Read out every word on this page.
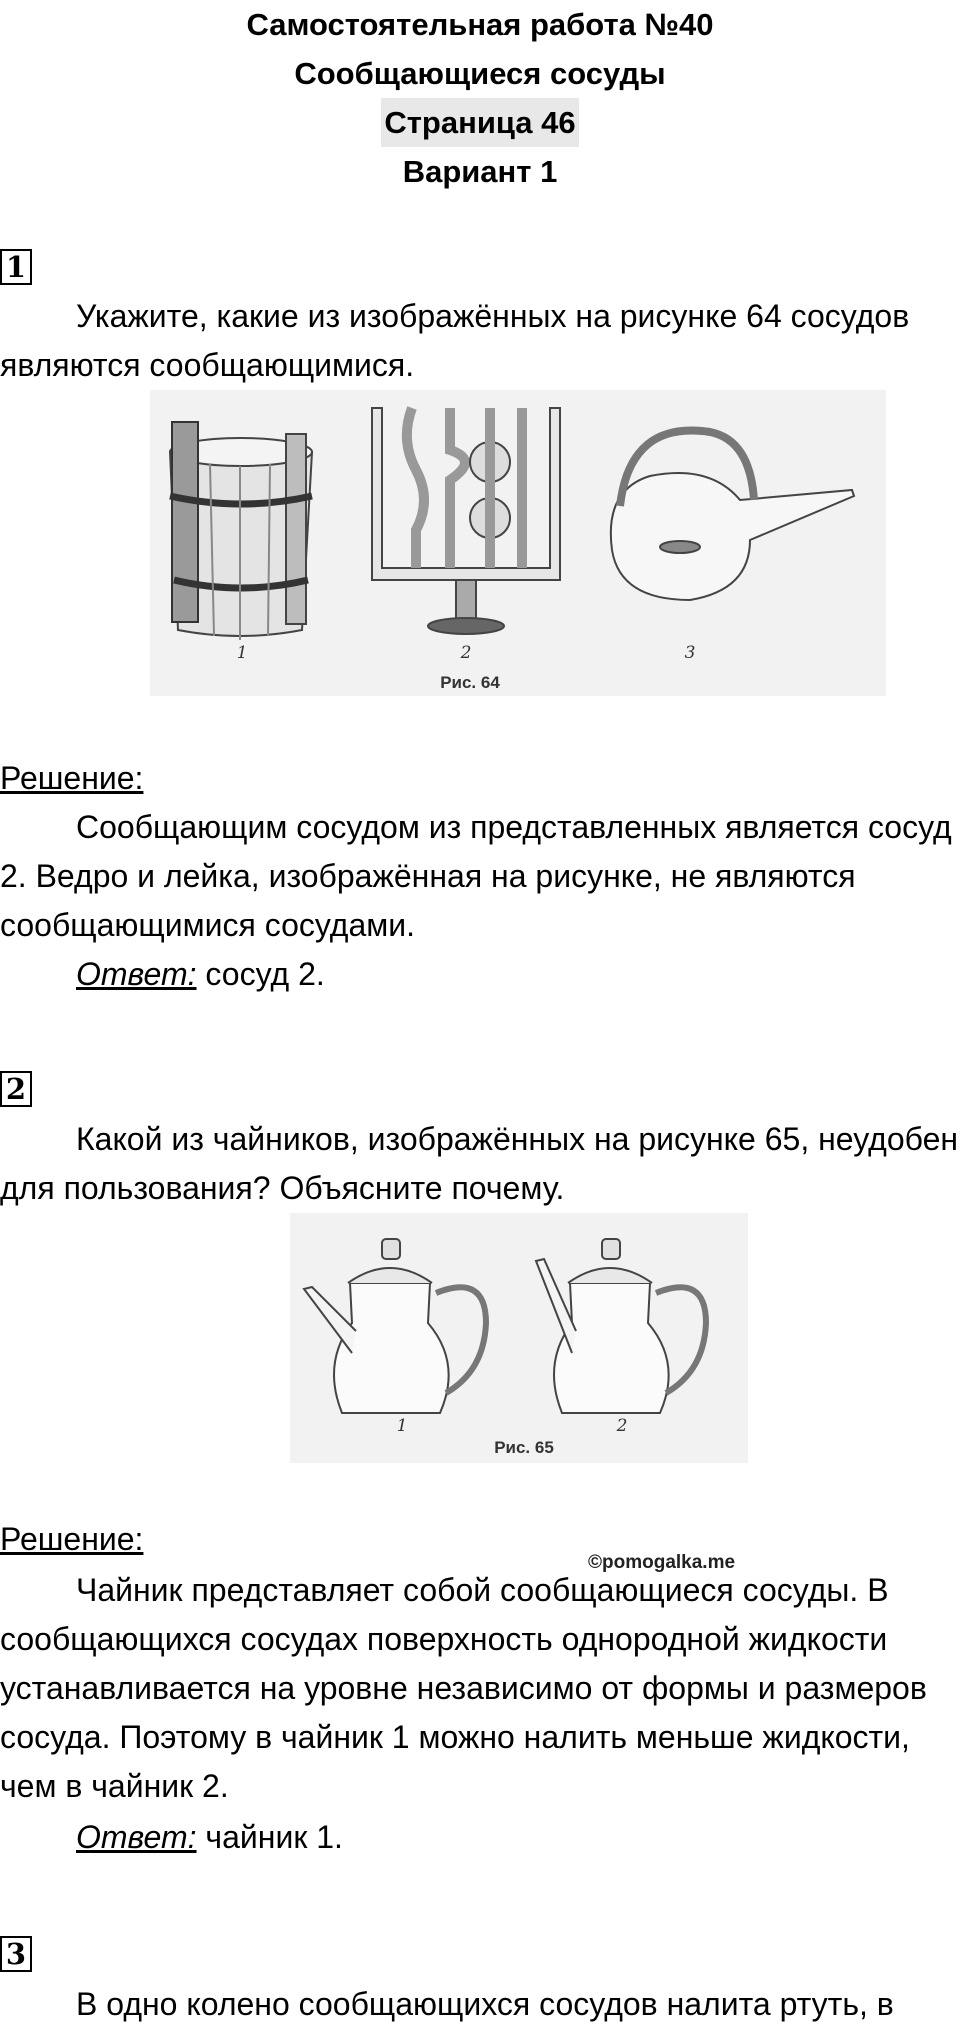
Самостоятельная работа №40
Сообщающиеся сосуды
Страница 46
Вариант 1
1

Укажите, какие из изображённых на рисунке 64 сосудов являются сообщающимися.

1	2	3
Рис. 64

Решение:

Сообщающим сосудом из представленных является сосуд 2. Ведро и лейка, изображённая на рисунке, не являются сообщающимися сосудами.

Ответ: сосуд 2.

2

Какой из чайников, изображённых на рисунке 65, неудобен для пользования? Объясните почему.

1	2
Рис. 65

Решение:

©pomogalka.me

Чайник представляет собой сообщающиеся сосуды. В сообщающихся сосудах поверхность однородной жидкости устанавливается на уровне независимо от формы и размеров сосуда. Поэтому в чайник 1 можно налить меньше жидкости, чем в чайник 2.

Ответ: чайник 1.

3

В одно колено сообщающихся сосудов налита ртуть, в
